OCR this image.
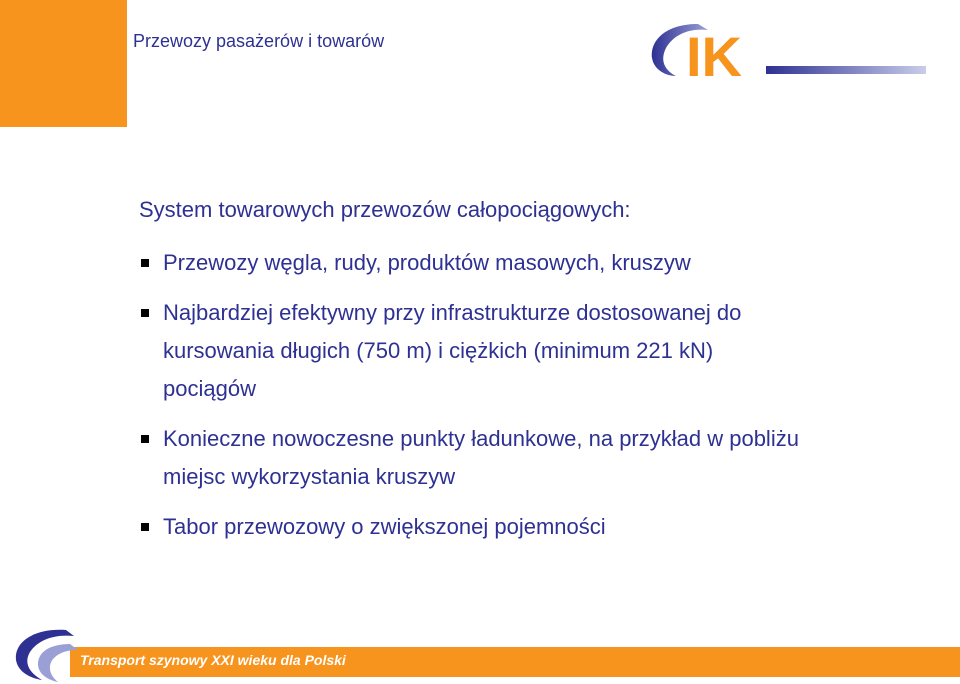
Przewozy pasażerów i towarów	IK
System towarowych przewozów całopociągowych:
Przewozy węgla, rudy, produktów masowych, kruszyw
Najbardziej efektywny przy infrastrukturze dostosowanej do
kursowania długich (750 m) i ciężkich (minimum 221 kN)
pociągów
Konieczne nowoczesne punkty ładunkowe, na przykład w pobliżu
miejsc wykorzystania kruszyw
Tabor przewozowy o zwiększonej pojemności
Transport szynowy XXI wieku dla Polski
